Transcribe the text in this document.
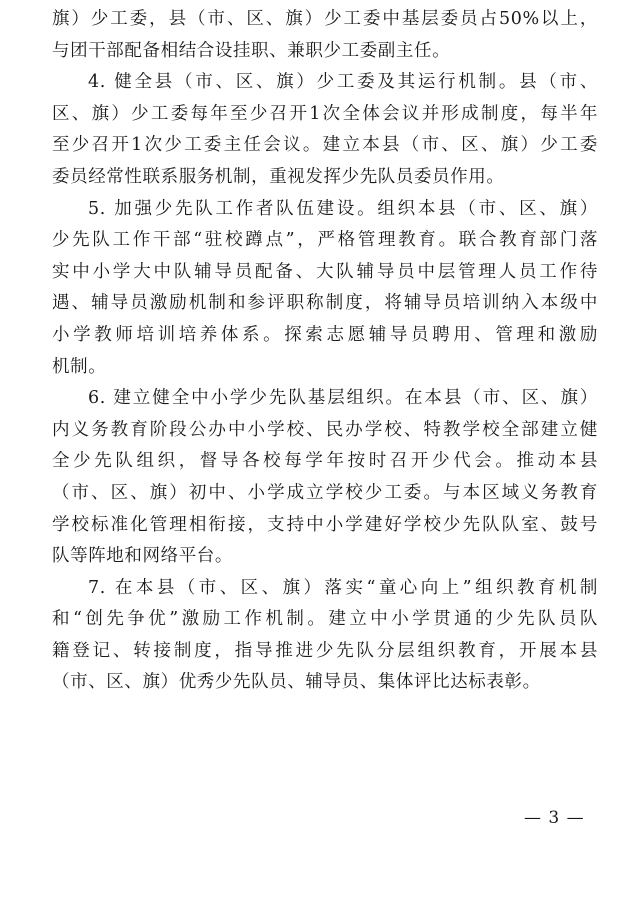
旗）少工委，县（市、区、旗）少工委中基层委员占50%以上，
与团干部配备相结合设挂职、兼职少工委副主任。
4. 健全县（市、区、旗）少工委及其运行机制。县（市、
区、旗）少工委每年至少召开1次全体会议并形成制度，每半年
至少召开1次少工委主任会议。建立本县（市、区、旗）少工委
委员经常性联系服务机制，重视发挥少先队员委员作用。
5. 加强少先队工作者队伍建设。组织本县（市、区、旗）
少先队工作干部“驻校蹲点”，严格管理教育。联合教育部门落
实中小学大中队辅导员配备、大队辅导员中层管理人员工作待
遇、辅导员激励机制和参评职称制度，将辅导员培训纳入本级中
小学教师培训培养体系。探索志愿辅导员聘用、管理和激励
机制。
6. 建立健全中小学少先队基层组织。在本县（市、区、旗）
内义务教育阶段公办中小学校、民办学校、特教学校全部建立健
全少先队组织，督导各校每学年按时召开少代会。推动本县
（市、区、旗）初中、小学成立学校少工委。与本区域义务教育
学校标准化管理相衔接，支持中小学建好学校少先队队室、鼓号
队等阵地和网络平台。
7. 在本县（市、区、旗）落实“童心向上”组织教育机制
和“创先争优”激励工作机制。建立中小学贯通的少先队员队
籍登记、转接制度，指导推进少先队分层组织教育，开展本县
（市、区、旗）优秀少先队员、辅导员、集体评比达标表彰。
— 3 —
